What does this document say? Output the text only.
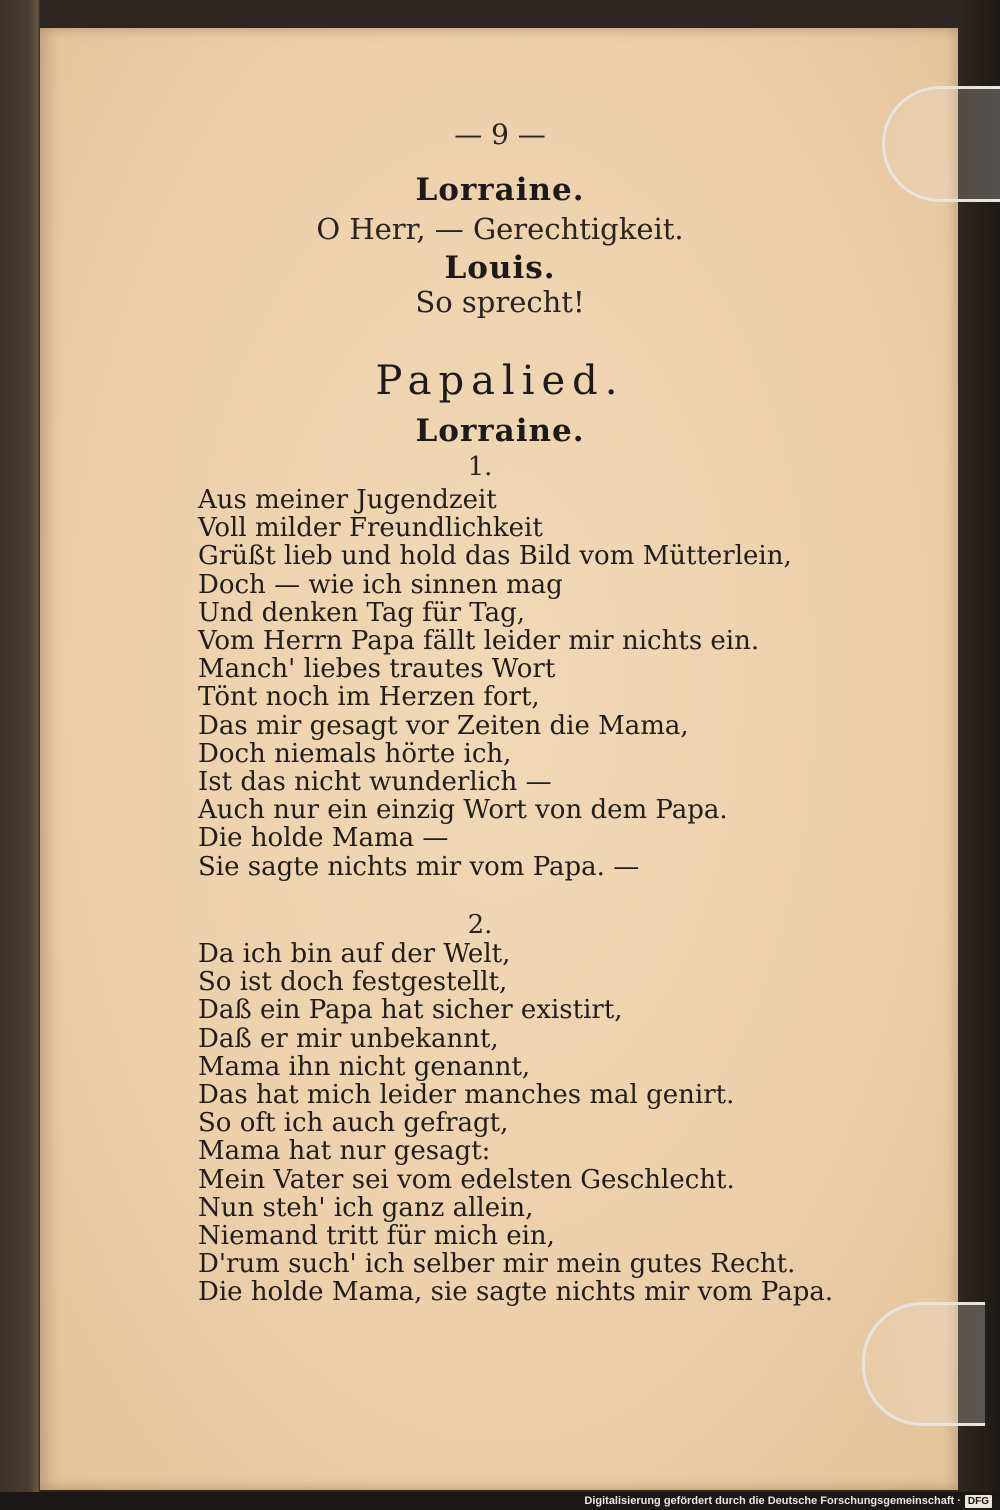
— 9 —
Lorraine.
O Herr, — Gerechtigkeit.
Louis.
So sprecht!
Papalied.
Lorraine.
1.
Aus meiner Jugendzeit
Voll milder Freundlichkeit
Grüßt lieb und hold das Bild vom Mütterlein,
Doch — wie ich sinnen mag
Und denken Tag für Tag,
Vom Herrn Papa fällt leider mir nichts ein.
Manch' liebes trautes Wort
Tönt noch im Herzen fort,
Das mir gesagt vor Zeiten die Mama,
Doch niemals hörte ich,
Ist das nicht wunderlich —
Auch nur ein einzig Wort von dem Papa.
Die holde Mama —
Sie sagte nichts mir vom Papa. —
2.
Da ich bin auf der Welt,
So ist doch festgestellt,
Daß ein Papa hat sicher existirt,
Daß er mir unbekannt,
Mama ihn nicht genannt,
Das hat mich leider manches mal genirt.
So oft ich auch gefragt,
Mama hat nur gesagt:
Mein Vater sei vom edelsten Geschlecht.
Nun steh' ich ganz allein,
Niemand tritt für mich ein,
D'rum such' ich selber mir mein gutes Recht.
Die holde Mama, sie sagte nichts mir vom Papa.
Digitalisierung gefördert durch die Deutsche Forschungsgemeinschaft · DFG
